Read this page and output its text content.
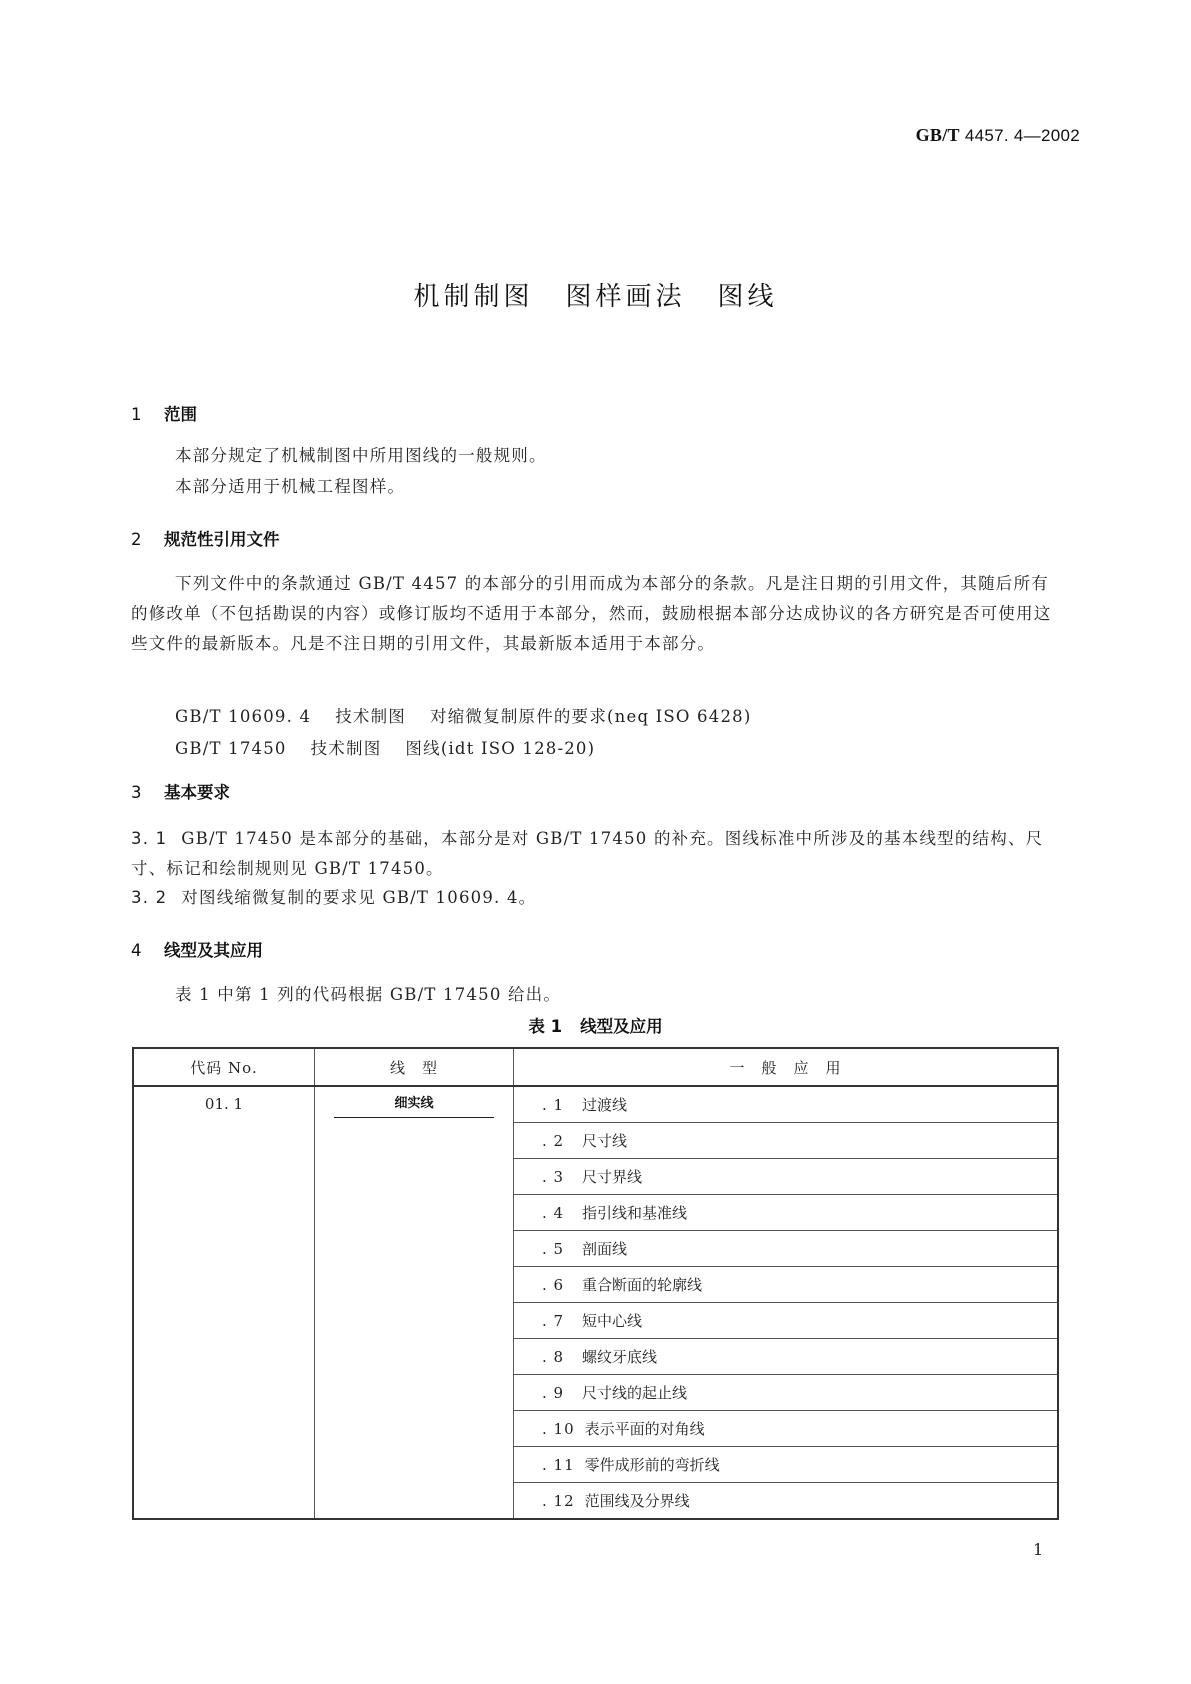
GB/T 4457. 4—2002
机制制图 图样画法 图线
1 范围
本部分规定了机械制图中所用图线的一般规则。
本部分适用于机械工程图样。
2 规范性引用文件
下列文件中的条款通过 GB/T 4457 的本部分的引用而成为本部分的条款。凡是注日期的引用文件，其随后所有的修改单（不包括勘误的内容）或修订版均不适用于本部分，然而，鼓励根据本部分达成协议的各方研究是否可使用这些文件的最新版本。凡是不注日期的引用文件，其最新版本适用于本部分。
GB/T 10609. 4 技术制图 对缩微复制原件的要求(neq ISO 6428)
GB/T 17450 技术制图 图线(idt ISO 128-20)
3 基本要求
3. 1 GB/T 17450 是本部分的基础，本部分是对 GB/T 17450 的补充。图线标准中所涉及的基本线型的结构、尺寸、标记和绘制规则见 GB/T 17450。
3. 2 对图线缩微复制的要求见 GB/T 10609. 4。
4 线型及其应用
表 1 中第 1 列的代码根据 GB/T 17450 给出。
表 1 线型及应用
代码 No.	线　型	一　般　应　用
01. 1	细实线	. 1 过渡线
		. 2 尺寸线
		. 3 尺寸界线
		. 4 指引线和基准线
		. 5 剖面线
		. 6 重合断面的轮廓线
		. 7 短中心线
		. 8 螺纹牙底线
		. 9 尺寸线的起止线
		. 10 表示平面的对角线
		. 11 零件成形前的弯折线
		. 12 范围线及分界线
1
